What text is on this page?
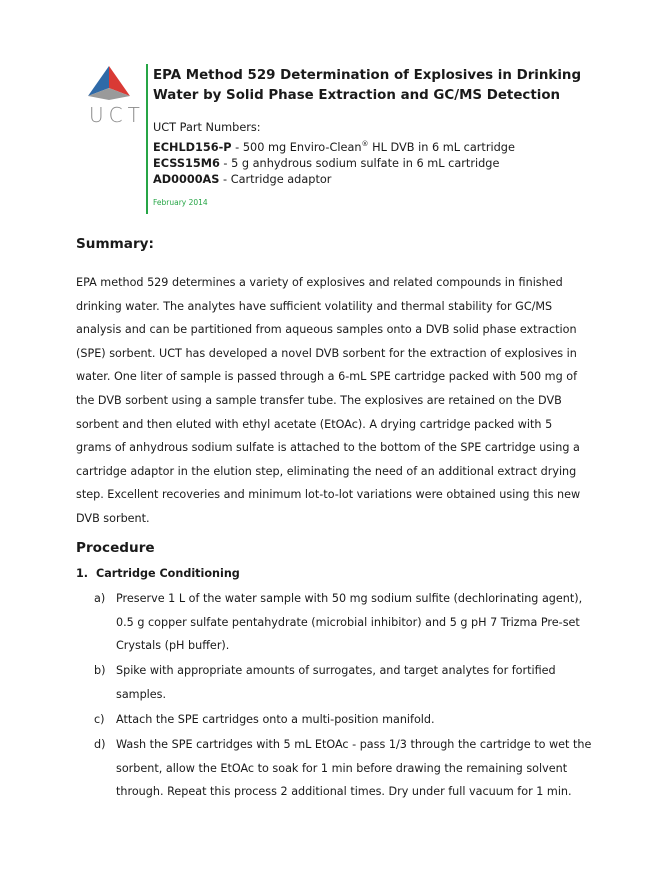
UCT
EPA Method 529 Determination of Explosives in Drinking Water by Solid Phase Extraction and GC/MS Detection
UCT Part Numbers:
ECHLD156-P - 500 mg Enviro-Clean® HL DVB in 6 mL cartridge
ECSS15M6 - 5 g anhydrous sodium sulfate in 6 mL cartridge
AD0000AS - Cartridge adaptor
February 2014
Summary:

EPA method 529 determines a variety of explosives and related compounds in finished drinking water. The analytes have sufficient volatility and thermal stability for GC/MS analysis and can be partitioned from aqueous samples onto a DVB solid phase extraction (SPE) sorbent. UCT has developed a novel DVB sorbent for the extraction of explosives in water. One liter of sample is passed through a 6-mL SPE cartridge packed with 500 mg of the DVB sorbent using a sample transfer tube. The explosives are retained on the DVB sorbent and then eluted with ethyl acetate (EtOAc). A drying cartridge packed with 5 grams of anhydrous sodium sulfate is attached to the bottom of the SPE cartridge using a cartridge adaptor in the elution step, eliminating the need of an additional extract drying step. Excellent recoveries and minimum lot-to-lot variations were obtained using this new DVB sorbent.

Procedure
1. Cartridge Conditioning
a) Preserve 1 L of the water sample with 50 mg sodium sulfite (dechlorinating agent), 0.5 g copper sulfate pentahydrate (microbial inhibitor) and 5 g pH 7 Trizma Pre-set Crystals (pH buffer).
b) Spike with appropriate amounts of surrogates, and target analytes for fortified samples.
c)	Attach the SPE cartridges onto a multi-position manifold.
d) Wash the SPE cartridges with 5 mL EtOAc - pass 1/3 through the cartridge to wet the sorbent, allow the EtOAc to soak for 1 min before drawing the remaining solvent through. Repeat this process 2 additional times. Dry under full vacuum for 1 min.
